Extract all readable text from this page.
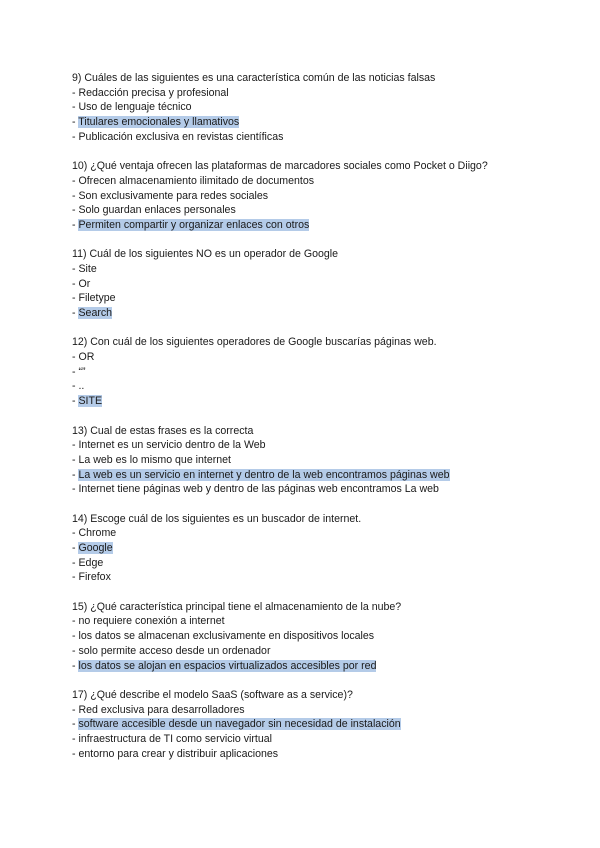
9) Cuáles de las siguientes es una característica común de las noticias falsas
- Redacción precisa y profesional
- Uso de lenguaje técnico
- Titulares emocionales y llamativos
- Publicación exclusiva en revistas científicas
10) ¿Qué ventaja ofrecen las plataformas de marcadores sociales como Pocket o Diigo?
- Ofrecen almacenamiento ilimitado de documentos
- Son exclusivamente para redes sociales
- Solo guardan enlaces personales
- Permiten compartir y organizar enlaces con otros
11) Cuál de los siguientes NO es un operador de Google
- Site
- Or
- Filetype
- Search
12) Con cuál de los siguientes operadores de Google buscarías páginas web.
- OR
- “”
- ..
- SITE
13) Cual de estas frases es la correcta
- Internet es un servicio dentro de la Web
- La web es lo mismo que internet
- La web es un servicio en internet y dentro de la web encontramos páginas web
- Internet tiene páginas web y dentro de las páginas web encontramos La web
14) Escoge cuál de los siguientes es un buscador de internet.
- Chrome
- Google
- Edge
- Firefox
15) ¿Qué característica principal tiene el almacenamiento de la nube?
- no requiere conexión a internet
- los datos se almacenan exclusivamente en dispositivos locales
- solo permite acceso desde un ordenador
- los datos se alojan en espacios virtualizados accesibles por red
17) ¿Qué describe el modelo SaaS (software as a service)?
- Red exclusiva para desarrolladores
- software accesible desde un navegador sin necesidad de instalación
- infraestructura de TI como servicio virtual
- entorno para crear y distribuir aplicaciones
